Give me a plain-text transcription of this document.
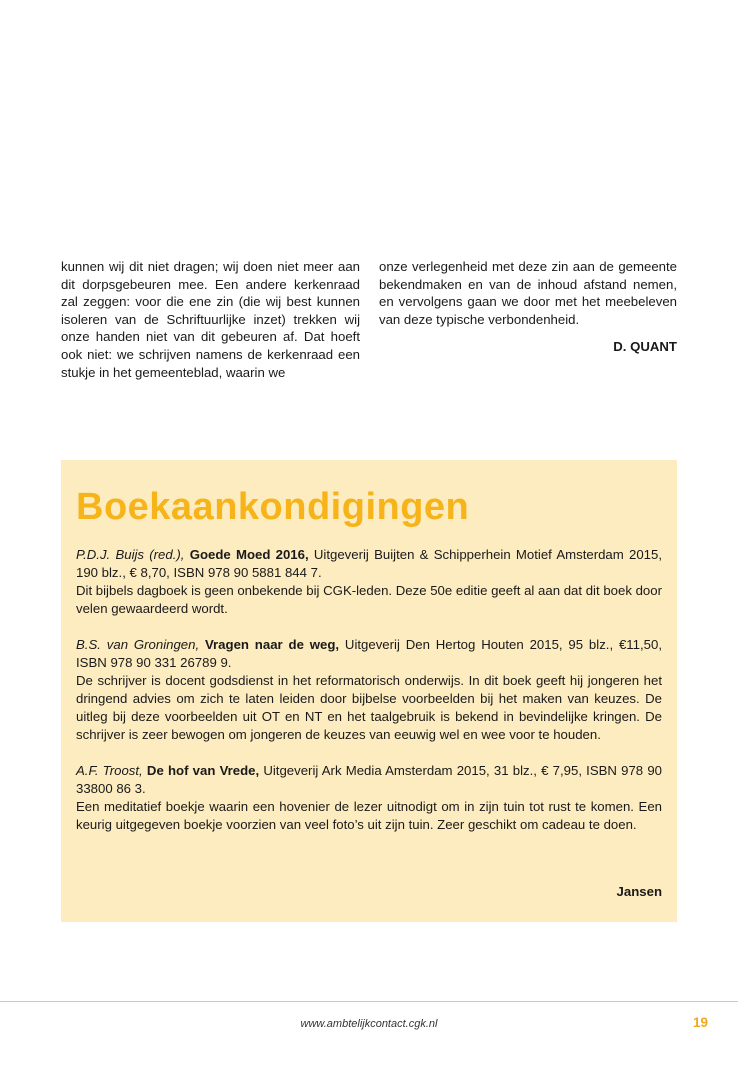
kunnen wij dit niet dragen; wij doen niet meer aan dit dorpsgebeuren mee. Een andere kerkenraad zal zeggen: voor die ene zin (die wij best kunnen isoleren van de Schriftuurlijke inzet) trekken wij onze handen niet van dit gebeuren af. Dat hoeft ook niet: we schrijven namens de kerkenraad een stukje in het gemeenteblad, waarin we

onze verlegenheid met deze zin aan de gemeente bekendmaken en van de inhoud afstand nemen, en vervolgens gaan we door met het meebeleven van deze typische verbondenheid.

D. QUANT

Boekaankondigingen

P.D.J. Buijs (red.), Goede Moed 2016, Uitgeverij Buijten & Schipperhein Motief Amsterdam 2015, 190 blz., € 8,70, ISBN 978 90 5881 844 7.

Dit bijbels dagboek is geen onbekende bij CGK-leden. Deze 50e editie geeft al aan dat dit boek door velen gewaardeerd wordt.

B.S. van Groningen, Vragen naar de weg, Uitgeverij Den Hertog Houten 2015, 95 blz., €11,50, ISBN 978 90 331 26789 9.

De schrijver is docent godsdienst in het reformatorisch onderwijs. In dit boek geeft hij jongeren het dringend advies om zich te laten leiden door bijbelse voorbeelden bij het maken van keuzes. De uitleg bij deze voorbeelden uit OT en NT en het taalgebruik is bekend in bevindelijke kringen. De schrijver is zeer bewogen om jongeren de keuzes van eeuwig wel en wee voor te houden.

A.F. Troost, De hof van Vrede, Uitgeverij Ark Media Amsterdam 2015, 31 blz., € 7,95, ISBN 978 90 33800 86 3.

Een meditatief boekje waarin een hovenier de lezer uitnodigt om in zijn tuin tot rust te komen. Een keurig uitgegeven boekje voorzien van veel foto’s uit zijn tuin. Zeer geschikt om cadeau te doen.

Jansen

www.ambtelijkcontact.cgk.nl	19
